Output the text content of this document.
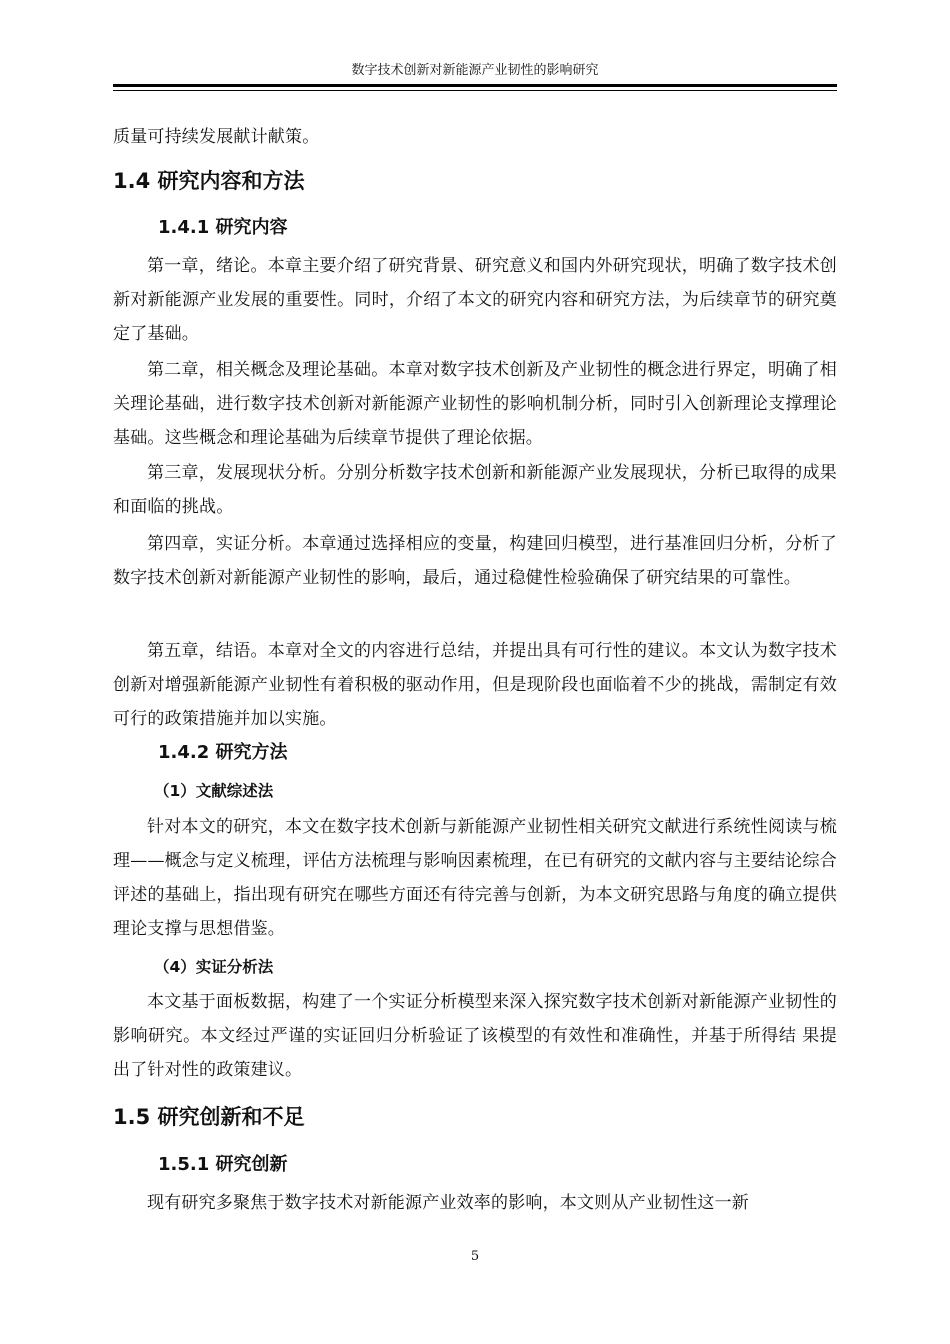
数字技术创新对新能源产业韧性的影响研究

质量可持续发展献计献策。

1.4 研究内容和方法
1.4.1 研究内容

第一章，绪论。本章主要介绍了研究背景、研究意义和国内外研究现状，明确了数字技术创新对新能源产业发展的重要性。同时，介绍了本文的研究内容和研究方法，为后续章节的研究奠定了基础。

第二章，相关概念及理论基础。本章对数字技术创新及产业韧性的概念进行界定，明确了相关理论基础，进行数字技术创新对新能源产业韧性的影响机制分析，同时引入创新理论支撑理论基础。这些概念和理论基础为后续章节提供了理论依据。

第三章，发展现状分析。分别分析数字技术创新和新能源产业发展现状，分析已取得的成果和面临的挑战。

第四章，实证分析。本章通过选择相应的变量，构建回归模型，进行基准回归分析，分析了数字技术创新对新能源产业韧性的影响，最后，通过稳健性检验确保了研究结果的可靠性。

第五章，结语。本章对全文的内容进行总结，并提出具有可行性的建议。本文认为数字技术创新对增强新能源产业韧性有着积极的驱动作用，但是现阶段也面临着不少的挑战，需制定有效可行的政策措施并加以实施。

1.4.2 研究方法
（1）文献综述法

针对本文的研究，本文在数字技术创新与新能源产业韧性相关研究文献进行系统性阅读与梳理——概念与定义梳理，评估方法梳理与影响因素梳理，在已有研究的文献内容与主要结论综合评述的基础上，指出现有研究在哪些方面还有待完善与创新，为本文研究思路与角度的确立提供理论支撑与思想借鉴。

（4）实证分析法

本文基于面板数据，构建了一个实证分析模型来深入探究数字技术创新对新能源产业韧性的影响研究。本文经过严谨的实证回归分析验证了该模型的有效性和准确性，并基于所得结 果提出了针对性的政策建议。

1.5 研究创新和不足
1.5.1 研究创新

现有研究多聚焦于数字技术对新能源产业效率的影响，本文则从产业韧性这一新

5
